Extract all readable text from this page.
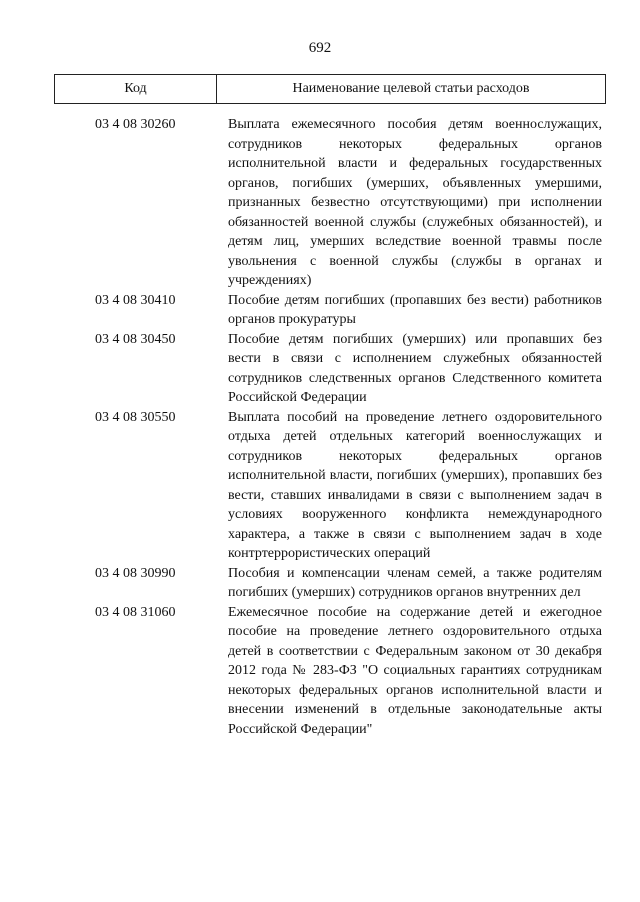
692
Код	Наименование целевой статьи расходов
03 4 08 30260	Выплата ежемесячного пособия детям военнослужащих, сотрудников некоторых федеральных органов исполнительной власти и федеральных государственных органов, погибших (умерших, объявленных умершими, признанных безвестно отсутствующими) при исполнении обязанностей военной службы (служебных обязанностей), и детям лиц, умерших вследствие военной травмы после увольнения с военной службы (службы в органах и учреждениях)
03 4 08 30410	Пособие детям погибших (пропавших без вести) работников органов прокуратуры
03 4 08 30450	Пособие детям погибших (умерших) или пропавших без вести в связи с исполнением служебных обязанностей сотрудников следственных органов Следственного комитета Российской Федерации
03 4 08 30550	Выплата пособий на проведение летнего оздоровительного отдыха детей отдельных категорий военнослужащих и сотрудников некоторых федеральных органов исполнительной власти, погибших (умерших), пропавших без вести, ставших инвалидами в связи с выполнением задач в условиях вооруженного конфликта немеждународного характера, а также в связи с выполнением задач в ходе контртеррористических операций
03 4 08 30990	Пособия и компенсации членам семей, а также родителям погибших (умерших) сотрудников органов внутренних дел
03 4 08 31060	Ежемесячное пособие на содержание детей и ежегодное пособие на проведение летнего оздоровительного отдыха детей в соответствии с Федеральным законом от 30 декабря 2012 года № 283-ФЗ "О социальных гарантиях сотрудникам некоторых федеральных органов исполнительной власти и внесении изменений в отдельные законодательные акты Российской Федерации"
